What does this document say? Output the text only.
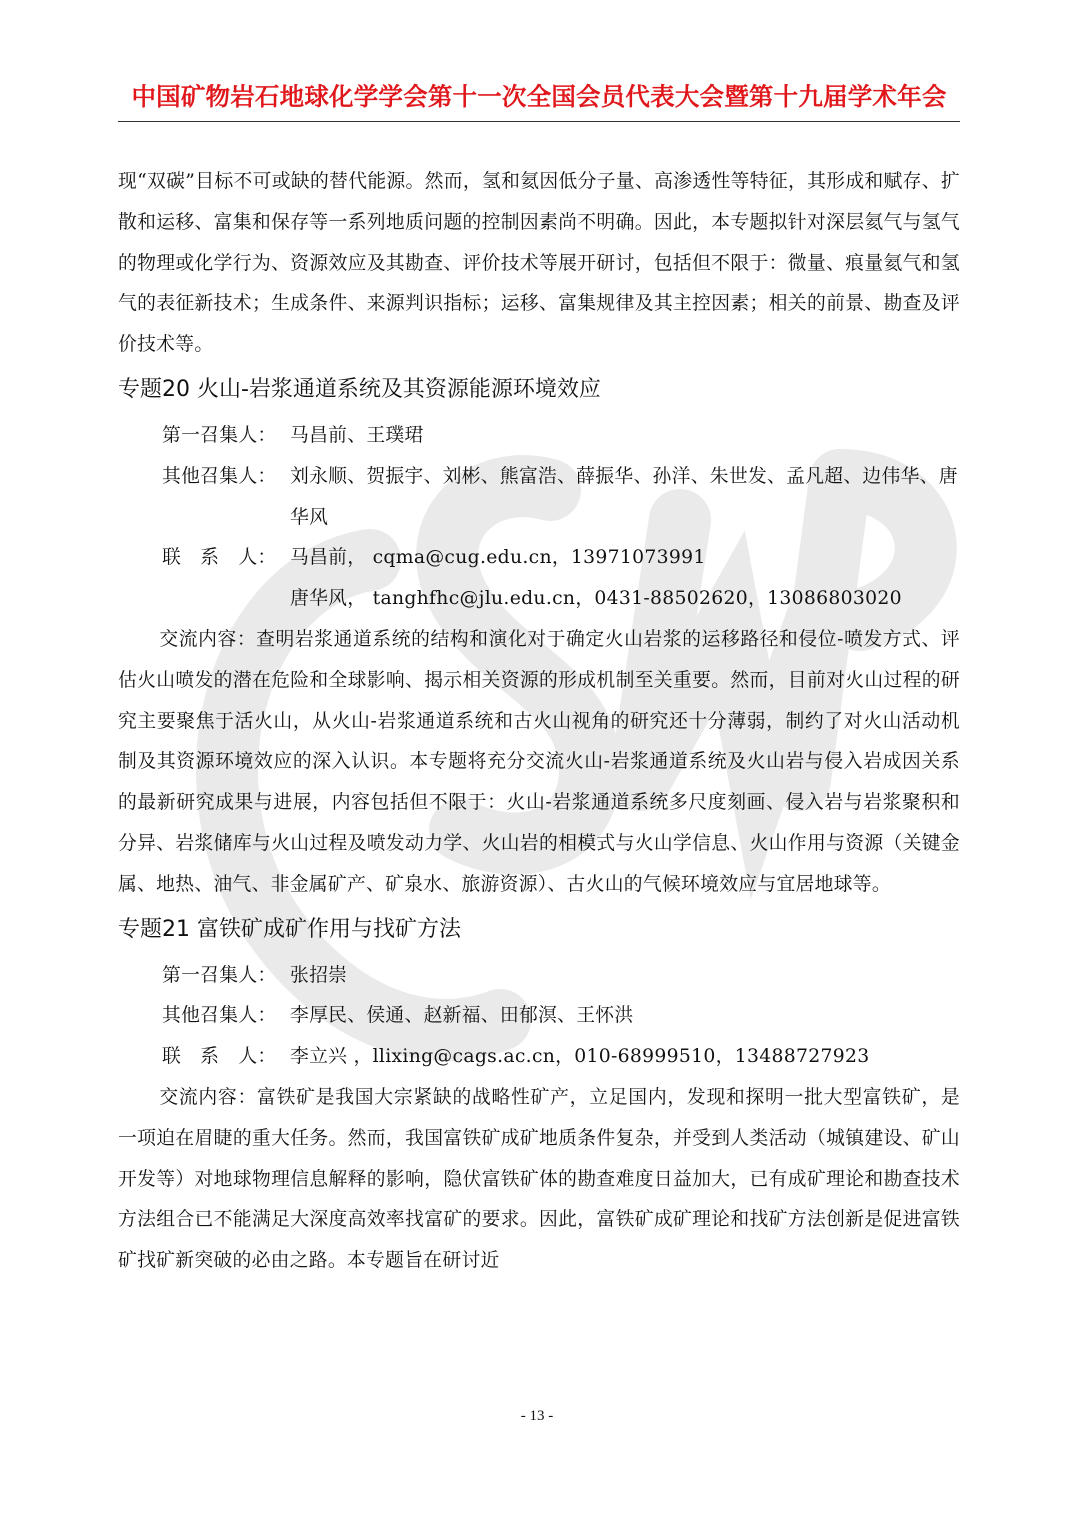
CSMPG
中国矿物岩石地球化学学会第十一次全国会员代表大会暨第十九届学术年会

现“双碳”目标不可或缺的替代能源。然而，氢和氦因低分子量、高渗透性等特征，其形成和赋存、扩散和运移、富集和保存等一系列地质问题的控制因素尚不明确。因此，本专题拟针对深层氦气与氢气的物理或化学行为、资源效应及其勘查、评价技术等展开研讨，包括但不限于：微量、痕量氦气和氢气的表征新技术；生成条件、来源判识指标；运移、富集规律及其主控因素；相关的前景、勘查及评价技术等。

专题20 火山-岩浆通道系统及其资源能源环境效应
第一召集人： 马昌前、王璞珺
其他召集人： 刘永顺、贺振宇、刘彬、熊富浩、薛振华、孙洋、朱世发、孟凡超、边伟华、唐华风
联　系　人： 马昌前， cqma@cug.edu.cn，13971073991
唐华风， tanghfhc@jlu.edu.cn，0431-88502620，13086803020

交流内容：查明岩浆通道系统的结构和演化对于确定火山岩浆的运移路径和侵位-喷发方式、评估火山喷发的潜在危险和全球影响、揭示相关资源的形成机制至关重要。然而，目前对火山过程的研究主要聚焦于活火山，从火山-岩浆通道系统和古火山视角的研究还十分薄弱，制约了对火山活动机制及其资源环境效应的深入认识。本专题将充分交流火山-岩浆通道系统及火山岩与侵入岩成因关系的最新研究成果与进展，内容包括但不限于：火山-岩浆通道系统多尺度刻画、侵入岩与岩浆聚积和分异、岩浆储库与火山过程及喷发动力学、火山岩的相模式与火山学信息、火山作用与资源（关键金属、地热、油气、非金属矿产、矿泉水、旅游资源）、古火山的气候环境效应与宜居地球等。

专题21 富铁矿成矿作用与找矿方法
第一召集人： 张招崇
其他召集人： 李厚民、侯通、赵新福、田郁溟、王怀洪
联　系　人： 李立兴 ，llixing@cags.ac.cn，010-68999510，13488727923

交流内容：富铁矿是我国大宗紧缺的战略性矿产，立足国内，发现和探明一批大型富铁矿，是一项迫在眉睫的重大任务。然而，我国富铁矿成矿地质条件复杂，并受到人类活动（城镇建设、矿山开发等）对地球物理信息解释的影响，隐伏富铁矿体的勘查难度日益加大，已有成矿理论和勘查技术方法组合已不能满足大深度高效率找富矿的要求。因此，富铁矿成矿理论和找矿方法创新是促进富铁矿找矿新突破的必由之路。本专题旨在研讨近

- 13 -
